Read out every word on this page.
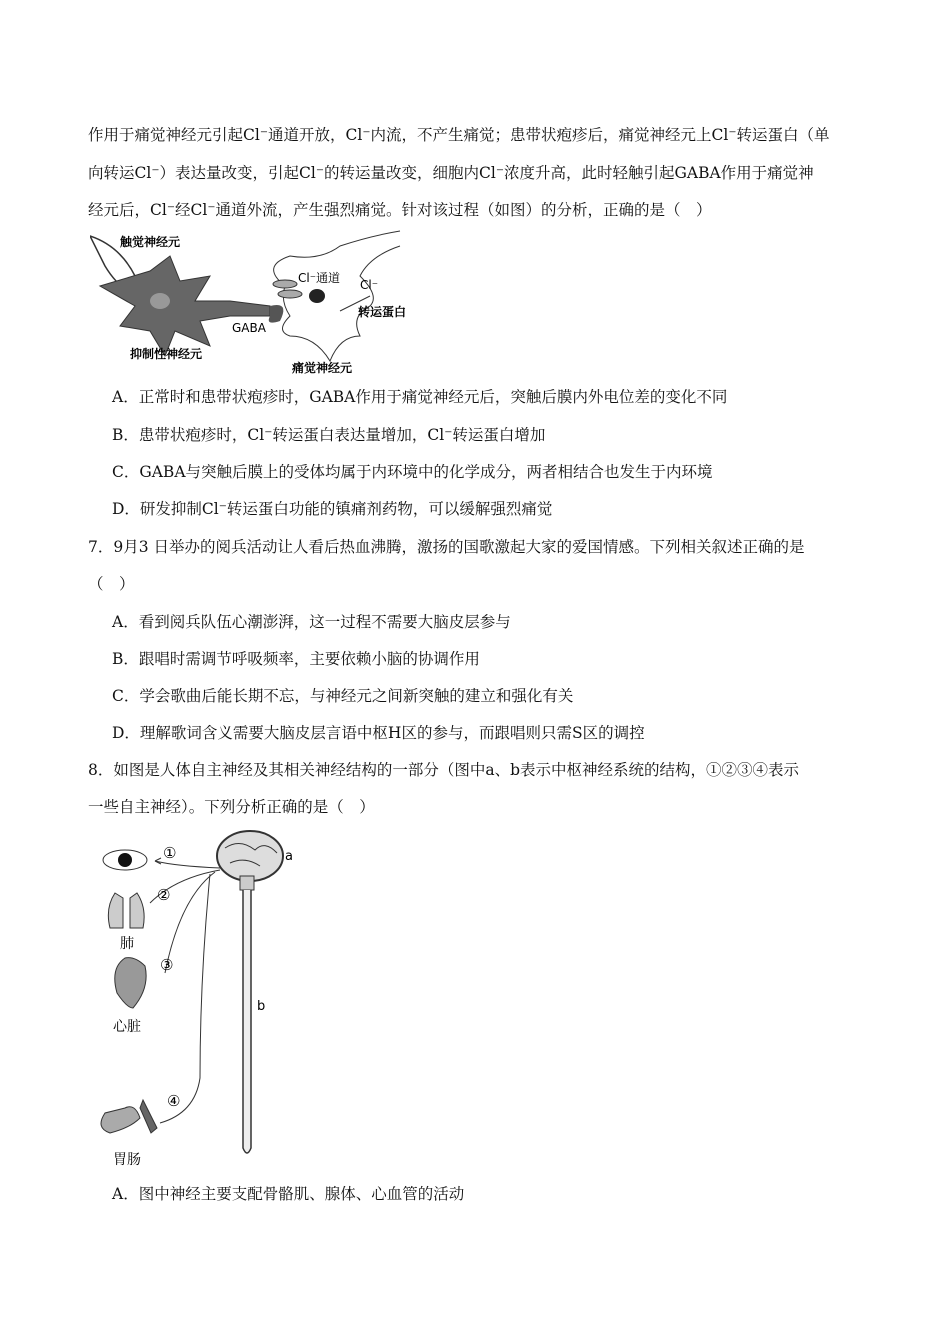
作用于痛觉神经元引起Cl⁻通道开放，Cl⁻内流，不产生痛觉；患带状疱疹后，痛觉神经元上Cl⁻转运蛋白（单
向转运Cl⁻）表达量改变，引起Cl⁻的转运量改变，细胞内Cl⁻浓度升高，此时轻触引起GABA作用于痛觉神
经元后，Cl⁻经Cl⁻通道外流，产生强烈痛觉。针对该过程（如图）的分析，正确的是（　）
触觉神经元
抑制性神经元
GABA
Cl⁻通道 Cl⁻
转运蛋白
痛觉神经元
A．正常时和患带状疱疹时，GABA作用于痛觉神经元后，突触后膜内外电位差的变化不同
B．患带状疱疹时，Cl⁻转运蛋白表达量增加，Cl⁻转运蛋白增加
C．GABA与突触后膜上的受体均属于内环境中的化学成分，两者相结合也发生于内环境
D．研发抑制Cl⁻转运蛋白功能的镇痛剂药物，可以缓解强烈痛觉
7．9月3 日举办的阅兵活动让人看后热血沸腾，激扬的国歌激起大家的爱国情感。下列相关叙述正确的是
（　）
A．看到阅兵队伍心潮澎湃，这一过程不需要大脑皮层参与
B．跟唱时需调节呼吸频率，主要依赖小脑的协调作用
C．学会歌曲后能长期不忘，与神经元之间新突触的建立和强化有关
D．理解歌词含义需要大脑皮层言语中枢H区的参与，而跟唱则只需S区的调控
8．如图是人体自主神经及其相关神经结构的一部分（图中a、b表示中枢神经系统的结构，①②③④表示
一些自主神经）。下列分析正确的是（　）
①
②
③
④
a
b
肺
心脏
胃肠
A．图中神经主要支配骨骼肌、腺体、心血管的活动
